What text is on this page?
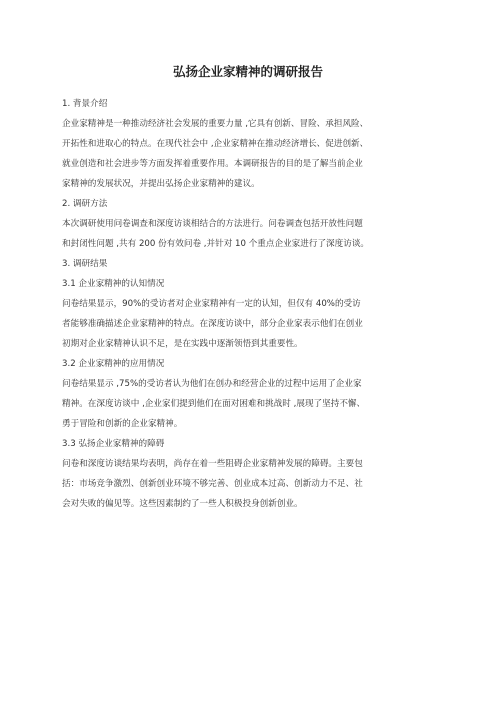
弘扬企业家精神的调研报告
1. 背景介绍
企业家精神是一种推动经济社会发展的重要力量 ,它具有创新、冒险、承担风险、
开拓性和进取心的特点。在现代社会中 ,企业家精神在推动经济增长、促进创新、
就业创造和社会进步等方面发挥着重要作用。本调研报告的目的是了解当前企业
家精神的发展状况，并提出弘扬企业家精神的建议。
2. 调研方法
本次调研使用问卷调查和深度访谈相结合的方法进行。问卷调查包括开放性问题
和封闭性问题 ,共有 200 份有效问卷 ,并针对 10 个重点企业家进行了深度访谈。
3. 调研结果
3.1 企业家精神的认知情况
问卷结果显示，90%的受访者对企业家精神有一定的认知，但仅有 40%的受访
者能够准确描述企业家精神的特点。在深度访谈中，部分企业家表示他们在创业
初期对企业家精神认识不足，是在实践中逐渐领悟到其重要性。
3.2 企业家精神的应用情况
问卷结果显示 ,75%的受访者认为他们在创办和经营企业的过程中运用了企业家
精神。在深度访谈中 ,企业家们提到他们在面对困难和挑战时 ,展现了坚持不懈、
勇于冒险和创新的企业家精神。
3.3 弘扬企业家精神的障碍
问卷和深度访谈结果均表明，尚存在着一些阻碍企业家精神发展的障碍。主要包
括：市场竞争激烈、创新创业环境不够完善、创业成本过高、创新动力不足、社
会对失败的偏见等。这些因素制约了一些人积极投身创新创业。
